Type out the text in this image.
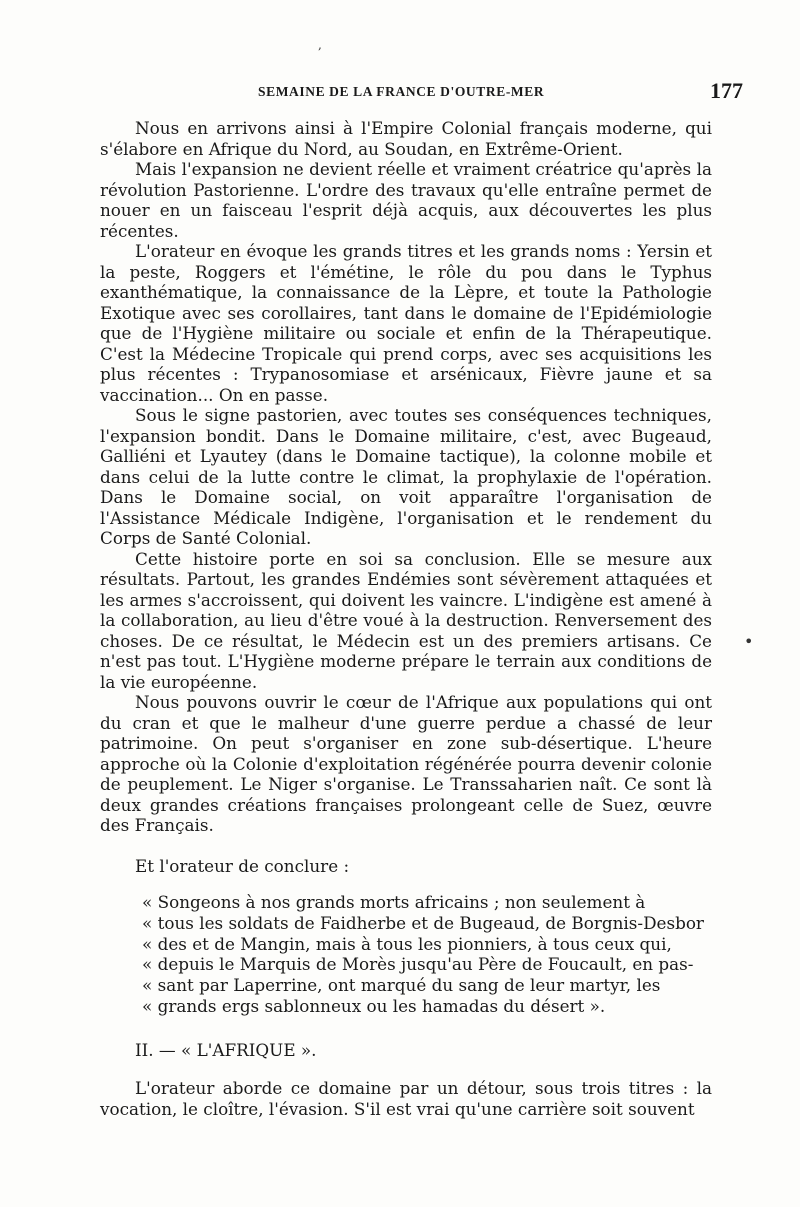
,
•
SEMAINE DE LA FRANCE D'OUTRE-MER	177

Nous en arrivons ainsi à l'Empire Colonial français moderne, qui s'élabore en Afrique du Nord, au Soudan, en Extrême-Orient.

Mais l'expansion ne devient réelle et vraiment créatrice qu'après la révolution Pastorienne. L'ordre des travaux qu'elle entraîne permet de nouer en un faisceau l'esprit déjà acquis, aux découvertes les plus récentes.

L'orateur en évoque les grands titres et les grands noms : Yersin et la peste, Roggers et l'émétine, le rôle du pou dans le Typhus exanthématique, la connaissance de la Lèpre, et toute la Pathologie Exotique avec ses corollaires, tant dans le domaine de l'Epidémiologie que de l'Hygiène militaire ou sociale et enfin de la Thérapeutique. C'est la Médecine Tropicale qui prend corps, avec ses acquisitions les plus récentes : Trypanosomiase et arsénicaux, Fièvre jaune et sa vaccination... On en passe.

Sous le signe pastorien, avec toutes ses conséquences techniques, l'expansion bondit. Dans le Domaine militaire, c'est, avec Bugeaud, Galliéni et Lyautey (dans le Domaine tactique), la colonne mobile et dans celui de la lutte contre le climat, la prophylaxie de l'opération. Dans le Domaine social, on voit apparaître l'organisation de l'Assistance Médicale Indigène, l'organisation et le rendement du Corps de Santé Colonial.

Cette histoire porte en soi sa conclusion. Elle se mesure aux résultats. Partout, les grandes Endémies sont sévèrement attaquées et les armes s'accroissent, qui doivent les vaincre. L'indigène est amené à la collaboration, au lieu d'être voué à la destruction. Renversement des choses. De ce résultat, le Médecin est un des premiers artisans. Ce n'est pas tout. L'Hygiène moderne prépare le terrain aux conditions de la vie européenne.

Nous pouvons ouvrir le cœur de l'Afrique aux populations qui ont du cran et que le malheur d'une guerre perdue a chassé de leur patrimoine. On peut s'organiser en zone sub-désertique. L'heure approche où la Colonie d'exploitation régénérée pourra devenir colonie de peuplement. Le Niger s'organise. Le Transsaharien naît. Ce sont là deux grandes créations françaises prolongeant celle de Suez, œuvre des Français.

Et l'orateur de conclure :

« Songeons à nos grands morts africains ; non seulement à
« tous les soldats de Faidherbe et de Bugeaud, de Borgnis-Desbor
« des et de Mangin, mais à tous les pionniers, à tous ceux qui,
« depuis le Marquis de Morès jusqu'au Père de Foucault, en pas-
« sant par Laperrine, ont marqué du sang de leur martyr, les
« grands ergs sablonneux ou les hamadas du désert ».

II. — « L'AFRIQUE ».

L'orateur aborde ce domaine par un détour, sous trois titres : la vocation, le cloître, l'évasion. S'il est vrai qu'une carrière soit souvent
